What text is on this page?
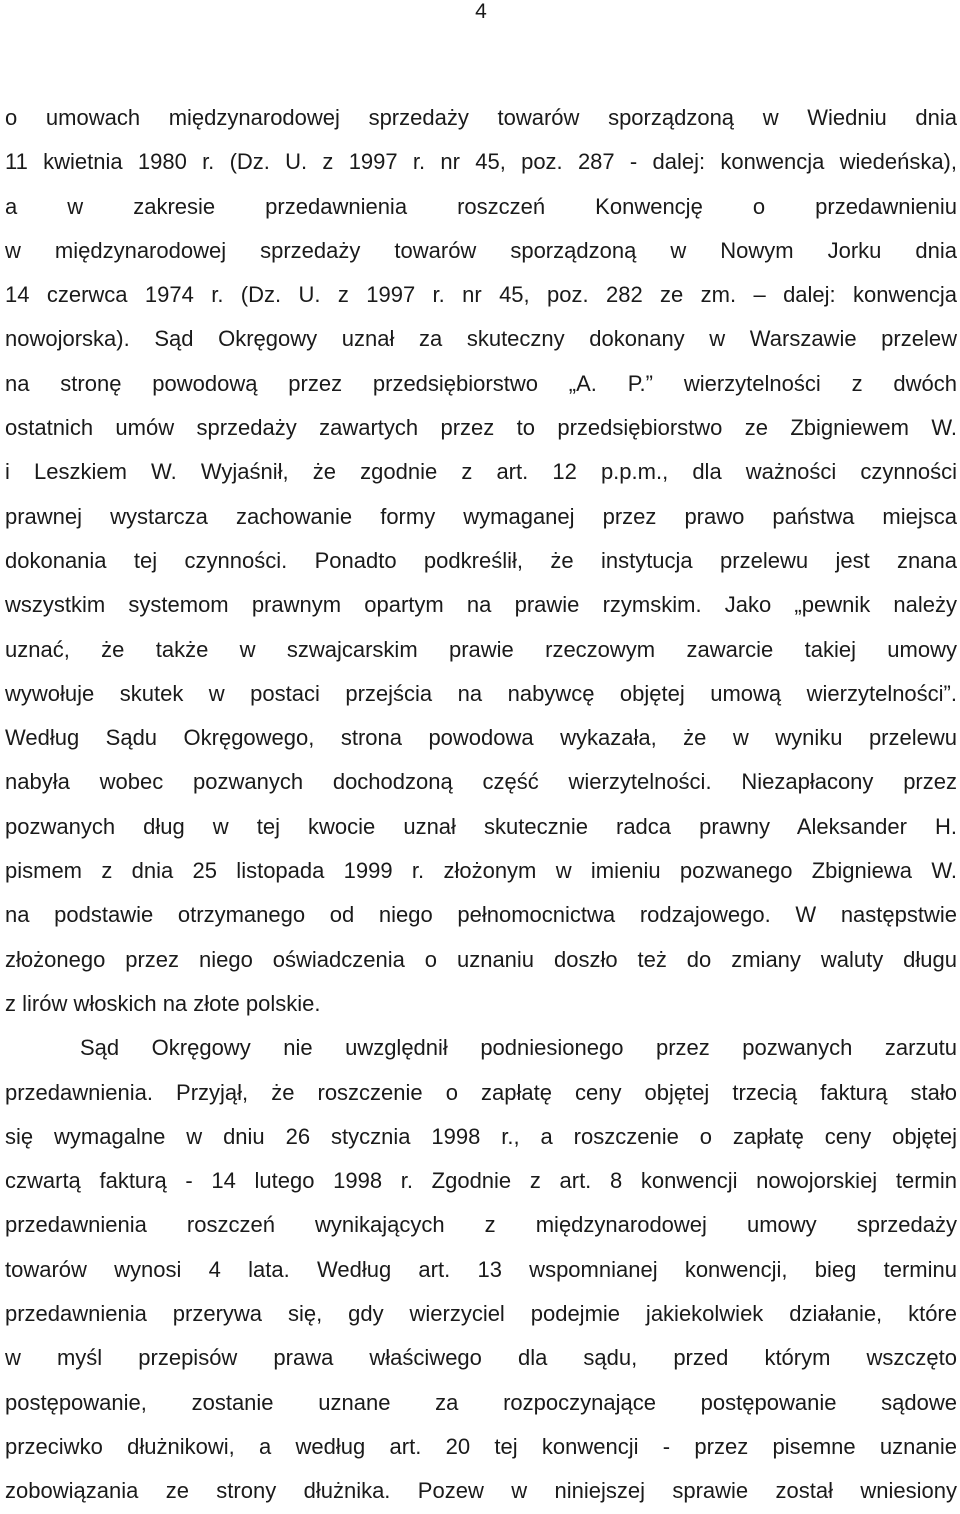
4
o umowach międzynarodowej sprzedaży towarów sporządzoną w Wiedniu dnia
11 kwietnia 1980 r. (Dz. U. z 1997 r. nr 45, poz. 287 - dalej: konwencja wiedeńska),
a w zakresie przedawnienia roszczeń Konwencję o przedawnieniu
w międzynarodowej sprzedaży towarów sporządzoną w Nowym Jorku dnia
14 czerwca 1974 r. (Dz. U. z 1997 r. nr 45, poz. 282 ze zm. – dalej: konwencja
nowojorska). Sąd Okręgowy uznał za skuteczny dokonany w Warszawie przelew
na stronę powodową przez przedsiębiorstwo „A. P.” wierzytelności z dwóch
ostatnich umów sprzedaży zawartych przez to przedsiębiorstwo ze Zbigniewem W.
i Leszkiem W. Wyjaśnił, że zgodnie z art. 12 p.p.m., dla ważności czynności
prawnej wystarcza zachowanie formy wymaganej przez prawo państwa miejsca
dokonania tej czynności. Ponadto podkreślił, że instytucja przelewu jest znana
wszystkim systemom prawnym opartym na prawie rzymskim. Jako „pewnik należy
uznać, że także w szwajcarskim prawie rzeczowym zawarcie takiej umowy
wywołuje skutek w postaci przejścia na nabywcę objętej umową wierzytelności”.
Według Sądu Okręgowego, strona powodowa wykazała, że w wyniku przelewu
nabyła wobec pozwanych dochodzoną część wierzytelności. Niezapłacony przez
pozwanych dług w tej kwocie uznał skutecznie radca prawny Aleksander H.
pismem z dnia 25 listopada 1999 r. złożonym w imieniu pozwanego Zbigniewa W.
na podstawie otrzymanego od niego pełnomocnictwa rodzajowego. W następstwie
złożonego przez niego oświadczenia o uznaniu doszło też do zmiany waluty długu
z lirów włoskich na złote polskie.
Sąd Okręgowy nie uwzględnił podniesionego przez pozwanych zarzutu
przedawnienia. Przyjął, że roszczenie o zapłatę ceny objętej trzecią fakturą stało
się wymagalne w dniu 26 stycznia 1998 r., a roszczenie o zapłatę ceny objętej
czwartą fakturą - 14 lutego 1998 r. Zgodnie z art. 8 konwencji nowojorskiej termin
przedawnienia roszczeń wynikających z międzynarodowej umowy sprzedaży
towarów wynosi 4 lata. Według art. 13 wspomnianej konwencji, bieg terminu
przedawnienia przerywa się, gdy wierzyciel podejmie jakiekolwiek działanie, które
w myśl przepisów prawa właściwego dla sądu, przed którym wszczęto
postępowanie, zostanie uznane za rozpoczynające postępowanie sądowe
przeciwko dłużnikowi, a według art. 20 tej konwencji - przez pisemne uznanie
zobowiązania ze strony dłużnika. Pozew w niniejszej sprawie został wniesiony
